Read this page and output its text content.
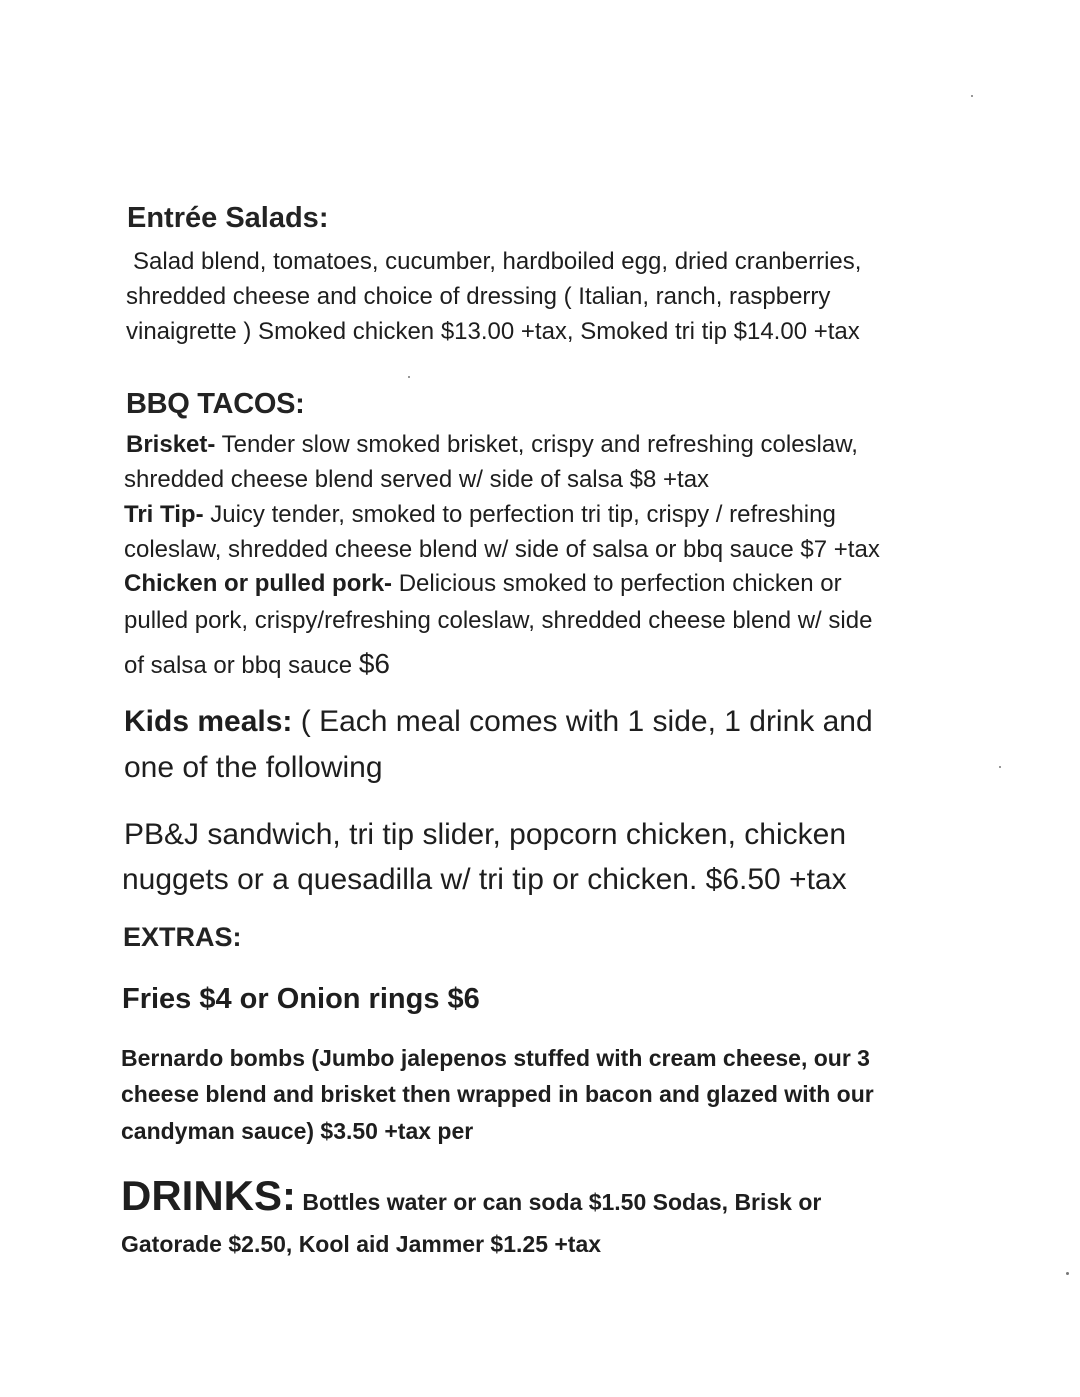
Entrée Salads:
Salad blend, tomatoes, cucumber, hardboiled egg, dried cranberries,
shredded cheese and choice of dressing ( Italian, ranch, raspberry
vinaigrette ) Smoked chicken $13.00 +tax, Smoked tri tip $14.00 +tax
BBQ TACOS:
Brisket- Tender slow smoked brisket, crispy and refreshing coleslaw,
shredded cheese blend served w/ side of salsa $8 +tax
Tri Tip- Juicy tender, smoked to perfection tri tip, crispy / refreshing
coleslaw, shredded cheese blend w/ side of salsa or bbq sauce $7 +tax
Chicken or pulled pork- Delicious smoked to perfection chicken or
pulled pork, crispy/refreshing coleslaw, shredded cheese blend w/ side
of salsa or bbq sauce $6
Kids meals: ( Each meal comes with 1 side, 1 drink and
one of the following
PB&J sandwich, tri tip slider, popcorn chicken, chicken
nuggets or a quesadilla w/ tri tip or chicken. $6.50 +tax
EXTRAS:
Fries $4 or Onion rings $6
Bernardo bombs (Jumbo jalepenos stuffed with cream cheese, our 3
cheese blend and brisket then wrapped in bacon and glazed with our
candyman sauce) $3.50 +tax per
DRINKS: Bottles water or can soda $1.50 Sodas, Brisk or
Gatorade $2.50, Kool aid Jammer $1.25 +tax
